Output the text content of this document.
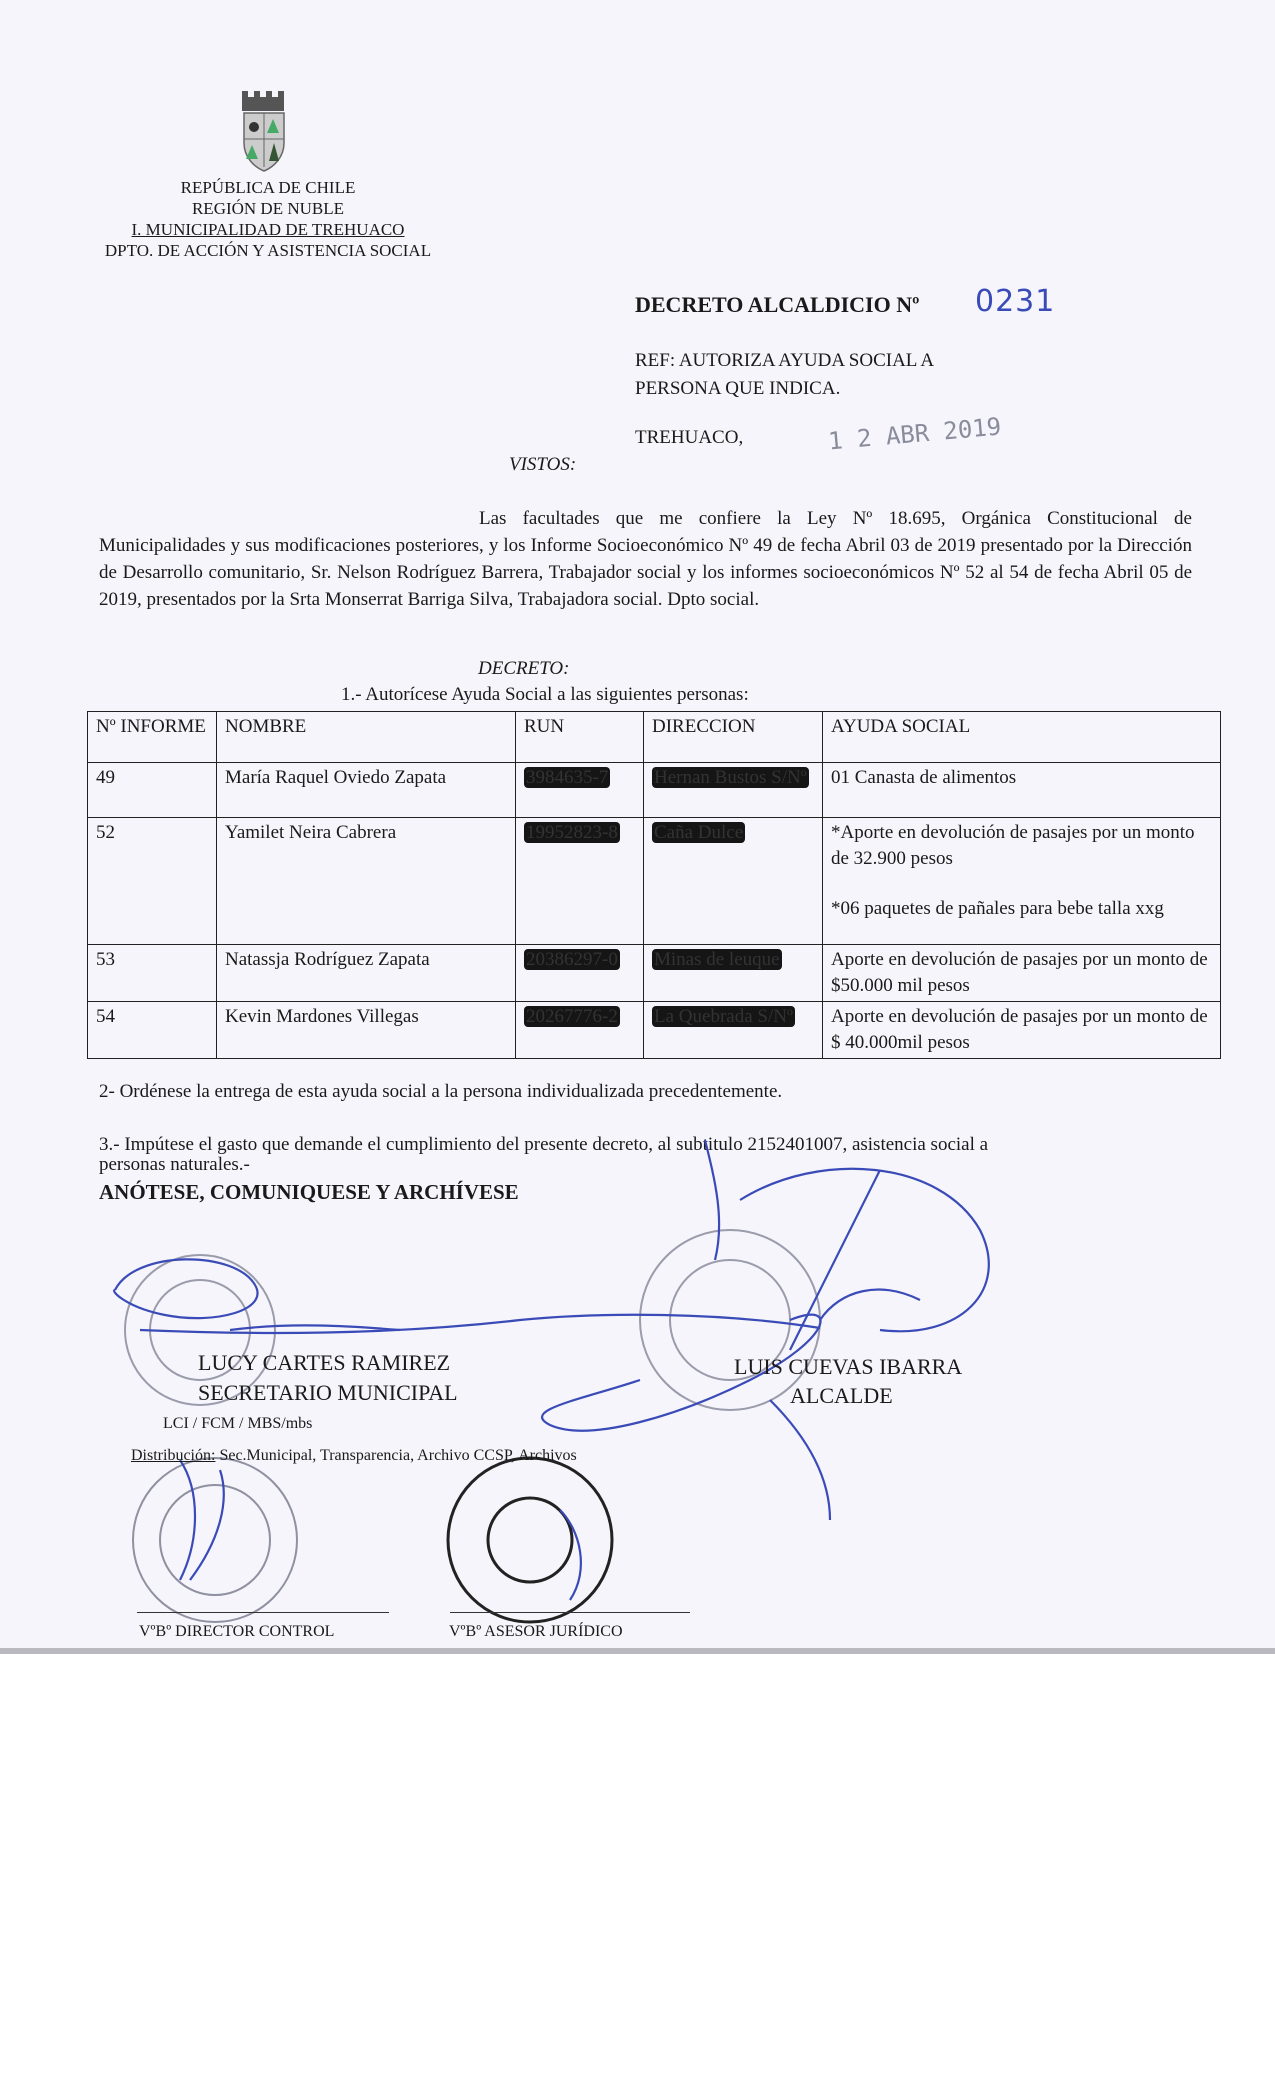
REPÚBLICA DE CHILE
REGIÓN DE NUBLE
I. MUNICIPALIDAD DE TREHUACO
DPTO. DE ACCIÓN Y ASISTENCIA SOCIAL
DECRETO ALCALDICIO Nº 0231
REF: AUTORIZA AYUDA SOCIAL A
PERSONA QUE INDICA.
TREHUACO,	1 2 ABR 2019
VISTOS:
Las facultades que me confiere la Ley Nº 18.695, Orgánica Constitucional de Municipalidades y sus modificaciones posteriores, y los Informe Socioeconómico Nº 49 de fecha Abril 03 de 2019 presentado por la Dirección de Desarrollo comunitario, Sr. Nelson Rodríguez Barrera, Trabajador social y los informes socioeconómicos Nº 52 al 54 de fecha Abril 05 de 2019, presentados por la Srta Monserrat Barriga Silva, Trabajadora social. Dpto social.
DECRETO:
1.- Autorícese Ayuda Social a las siguientes personas:
Nº INFORME	NOMBRE	RUN	DIRECCION	AYUDA SOCIAL
49	María Raquel Oviedo Zapata	3984635-7	Hernan Bustos S/Nº	01 Canasta de alimentos
52	Yamilet Neira Cabrera	19952823-8	Caña Dulce	*Aporte en devolución de pasajes por un monto de 32.900 pesos
*06 paquetes de pañales para bebe talla xxg

53	Natassja Rodríguez Zapata	20386297-0	Minas de leuque	Aporte en devolución de pasajes por un monto de $50.000 mil pesos
54	Kevin Mardones Villegas	20267776-2	La Quebrada S/Nº	Aporte en devolución de pasajes por un monto de $ 40.000mil pesos
2- Ordénese la entrega de esta ayuda social a la persona individualizada precedentemente.
3.- Impútese el gasto que demande el cumplimiento del presente decreto, al subtitulo 2152401007, asistencia social a
personas naturales.-
ANÓTESE, COMUNIQUESE Y ARCHÍVESE
LUCY CARTES RAMIREZ
SECRETARIO MUNICIPAL
LUIS CUEVAS IBARRA
ALCALDE
LCI / FCM / MBS/mbs
Distribución: Sec.Municipal, Transparencia, Archivo CCSP, Archivos
VºBº DIRECTOR CONTROL	VºBº ASESOR JURÍDICO
